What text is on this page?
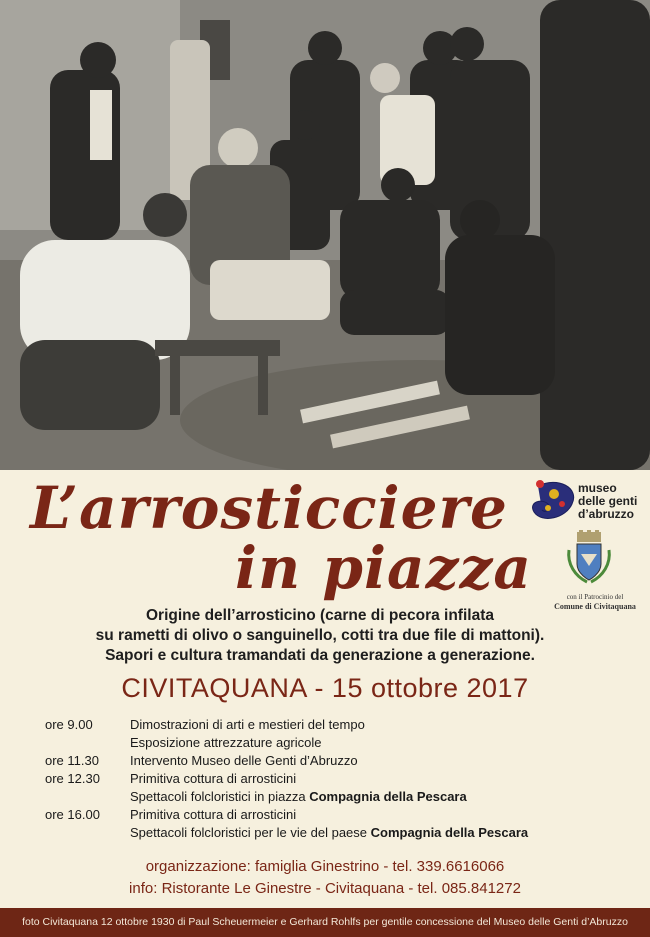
L’arrosticciere
in piazza
museo
delle genti
d’abruzzo
con il Patrocinio del
Comune di Civitaquana
Origine dell’arrosticino (carne di pecora infilata
su rametti di olivo o sanguinello, cotti tra due file di mattoni).
Sapori e cultura tramandati da generazione a generazione.
CIVITAQUANA - 15 ottobre 2017
ore 9.00	Dimostrazioni di arti e mestieri del tempo
Esposizione attrezzature agricole
ore 11.30	Intervento Museo delle Genti d’Abruzzo
ore 12.30	Primitiva cottura di arrosticini
Spettacoli folcloristici in piazza Compagnia della Pescara
ore 16.00	Primitiva cottura di arrosticini
Spettacoli folcloristici per le vie del paese Compagnia della Pescara
organizzazione: famiglia Ginestrino - tel. 339.6616066
info: Ristorante Le Ginestre - Civitaquana - tel. 085.841272
foto Civitaquana 12 ottobre 1930 di Paul Scheuermeier e Gerhard Rohlfs per gentile concessione del Museo delle Genti d’Abruzzo
